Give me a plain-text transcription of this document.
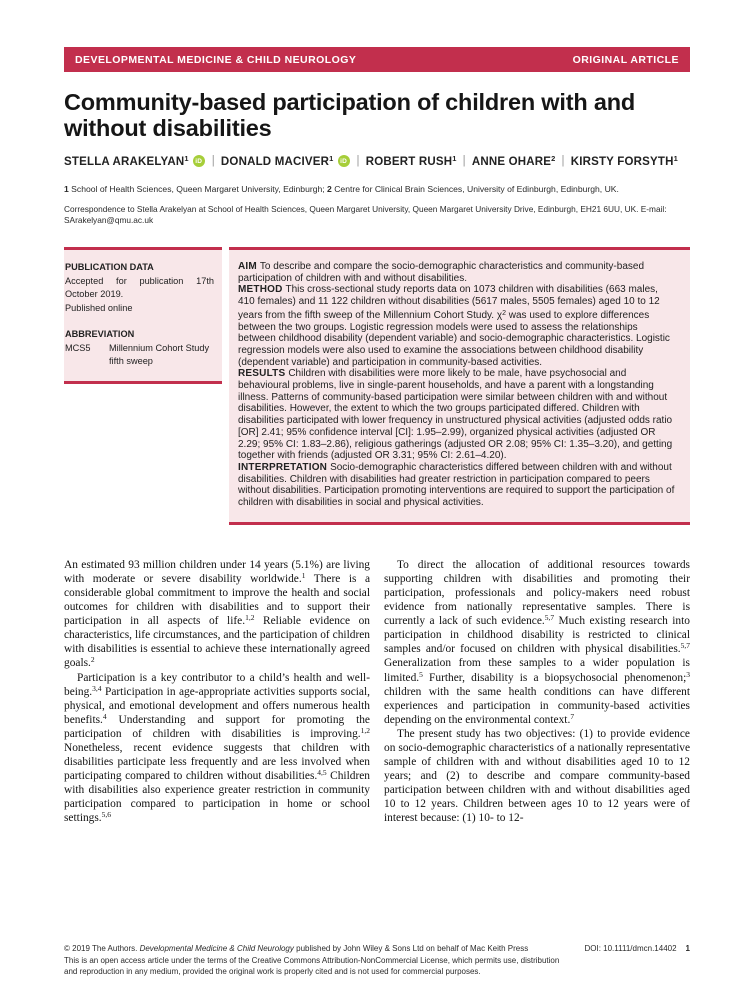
DEVELOPMENTAL MEDICINE & CHILD NEUROLOGY	ORIGINAL ARTICLE
Community-based participation of children with and without disabilities
STELLA ARAKELYAN$^1$	iD | DONALD MACIVER$^1$	iD | ROBERT RUSH$^1$ | ANNE OHARE$^2$ | KIRSTY FORSYTH$^1$

1 School of Health Sciences, Queen Margaret University, Edinburgh; 2 Centre for Clinical Brain Sciences, University of Edinburgh, Edinburgh, UK.

Correspondence to Stella Arakelyan at School of Health Sciences, Queen Margaret University, Queen Margaret University Drive, Edinburgh, EH21 6UU, UK. E-mail: SArakelyan@qmu.ac.uk

PUBLICATION DATA

Accepted for publication 17th October 2019.

Published online

ABBREVIATION
MCS5	Millennium Cohort Study fifth sweep

AIM To describe and compare the socio-demographic characteristics and community-based participation of children with and without disabilities.

METHOD This cross-sectional study reports data on 1073 children with disabilities (663 males, 410 females) and 11 122 children without disabilities (5617 males, 5505 females) aged 10 to 12 years from the fifth sweep of the Millennium Cohort Study. $\chi^2$ was used to explore differences between the two groups. Logistic regression models were used to assess the relationships between childhood disability (dependent variable) and socio-demographic characteristics. Logistic regression models were also used to examine the associations between childhood disability (dependent variable) and participation in community-based activities.

RESULTS Children with disabilities were more likely to be male, have psychosocial and behavioural problems, live in single-parent households, and have a parent with a longstanding illness. Patterns of community-based participation were similar between children with and without disabilities. However, the extent to which the two groups participated differed. Children with disabilities participated with lower frequency in unstructured physical activities (adjusted odds ratio [OR] 2.41; 95% confidence interval [CI]: 1.95–2.99), organized physical activities (adjusted OR 2.29; 95% CI: 1.83–2.86), religious gatherings (adjusted OR 2.08; 95% CI: 1.35–3.20), and getting together with friends (adjusted OR 3.31; 95% CI: 2.61–4.20).

INTERPRETATION Socio-demographic characteristics differed between children with and without disabilities. Children with disabilities had greater restriction in participation compared to peers without disabilities. Participation promoting interventions are required to support the participation of children with disabilities in social and physical activities.

An estimated 93 million children under 14 years (5.1%) are living with moderate or severe disability worldwide.$^1$ There is a considerable global commitment to improve the health and social outcomes for children with disabilities and to support their participation in all aspects of life.$^{1,2}$ Reliable evidence on characteristics, life circumstances, and the participation of children with disabilities is essential to achieve these internationally agreed goals.$^2$

Participation is a key contributor to a child’s health and well-being.$^{3,4}$ Participation in age-appropriate activities supports social, physical, and emotional development and offers numerous health benefits.$^4$ Understanding and support for promoting the participation of children with disabilities is improving.$^{1,2}$ Nonetheless, recent evidence suggests that children with disabilities participate less frequently and are less involved when participating compared to children without disabilities.$^{4,5}$ Children with disabilities also experience greater restriction in community participation compared to participation in home or school settings.$^{5,6}$

To direct the allocation of additional resources towards supporting children with disabilities and promoting their participation, professionals and policy-makers need robust evidence from nationally representative samples. There is currently a lack of such evidence.$^{5,7}$ Much existing research into participation in childhood disability is restricted to clinical samples and/or focused on children with physical disabilities.$^{5,7}$ Generalization from these samples to a wider population is limited.$^5$ Further, disability is a biopsychosocial phenomenon;$^3$ children with the same health conditions can have different experiences and participation in community-based activities depending on the environmental context.$^7$

The present study has two objectives: (1) to provide evidence on socio-demographic characteristics of a nationally representative sample of children with and without disabilities aged 10 to 12 years; and (2) to describe and compare community-based participation between children with and without disabilities aged 10 to 12 years. Children between ages 10 to 12 years were of interest because: (1) 10- to 12-

© 2019 The Authors. Developmental Medicine & Child Neurology published by John Wiley & Sons Ltd on behalf of Mac Keith Press
This is an open access article under the terms of the Creative Commons Attribution-NonCommercial License, which permits use, distribution and reproduction in any medium, provided the original work is properly cited and is not used for commercial purposes.
DOI: 10.1111/dmcn.14402 1
